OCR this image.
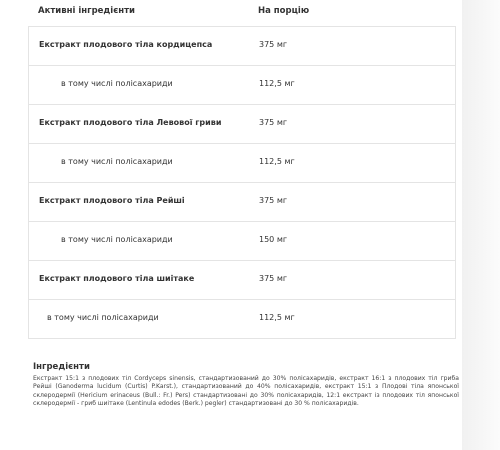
Активні інгредієнти	На порцію
Екстракт плодового тіла кордицепса	375 мг
в тому числі полісахариди	112,5 мг
Екстракт плодового тіла Левової гриви	375 мг
в тому числі полісахариди	112,5 мг
Екстракт плодового тіла Рейші	375 мг
в тому числі полісахариди	150 мг
Екстракт плодового тіла шиітаке	375 мг
в тому числі полісахариди	112,5 мг

Інгредієнти

Екстракт 15:1 з плодових тіл Cordyceps sinensis, стандартизований до 30% полісахаридів, екстракт 16:1 з плодових тіл гриба Рейші (Ganoderma lucidum (Curtis) P.Karst.), стандартизований до 40% полісахаридів, екстракт 15:1 з Плодові тіла японської склеродермії (Hericium erinaceus (Bull.: Fr.) Pers) стандартизовані до 30% полісахаридів, 12:1 екстракт із плодових тіл японської склеродермії - гриб шиітаке (Lentinula edodes (Berk.) pegler) стандартизовані до 30 % полісахаридів.
